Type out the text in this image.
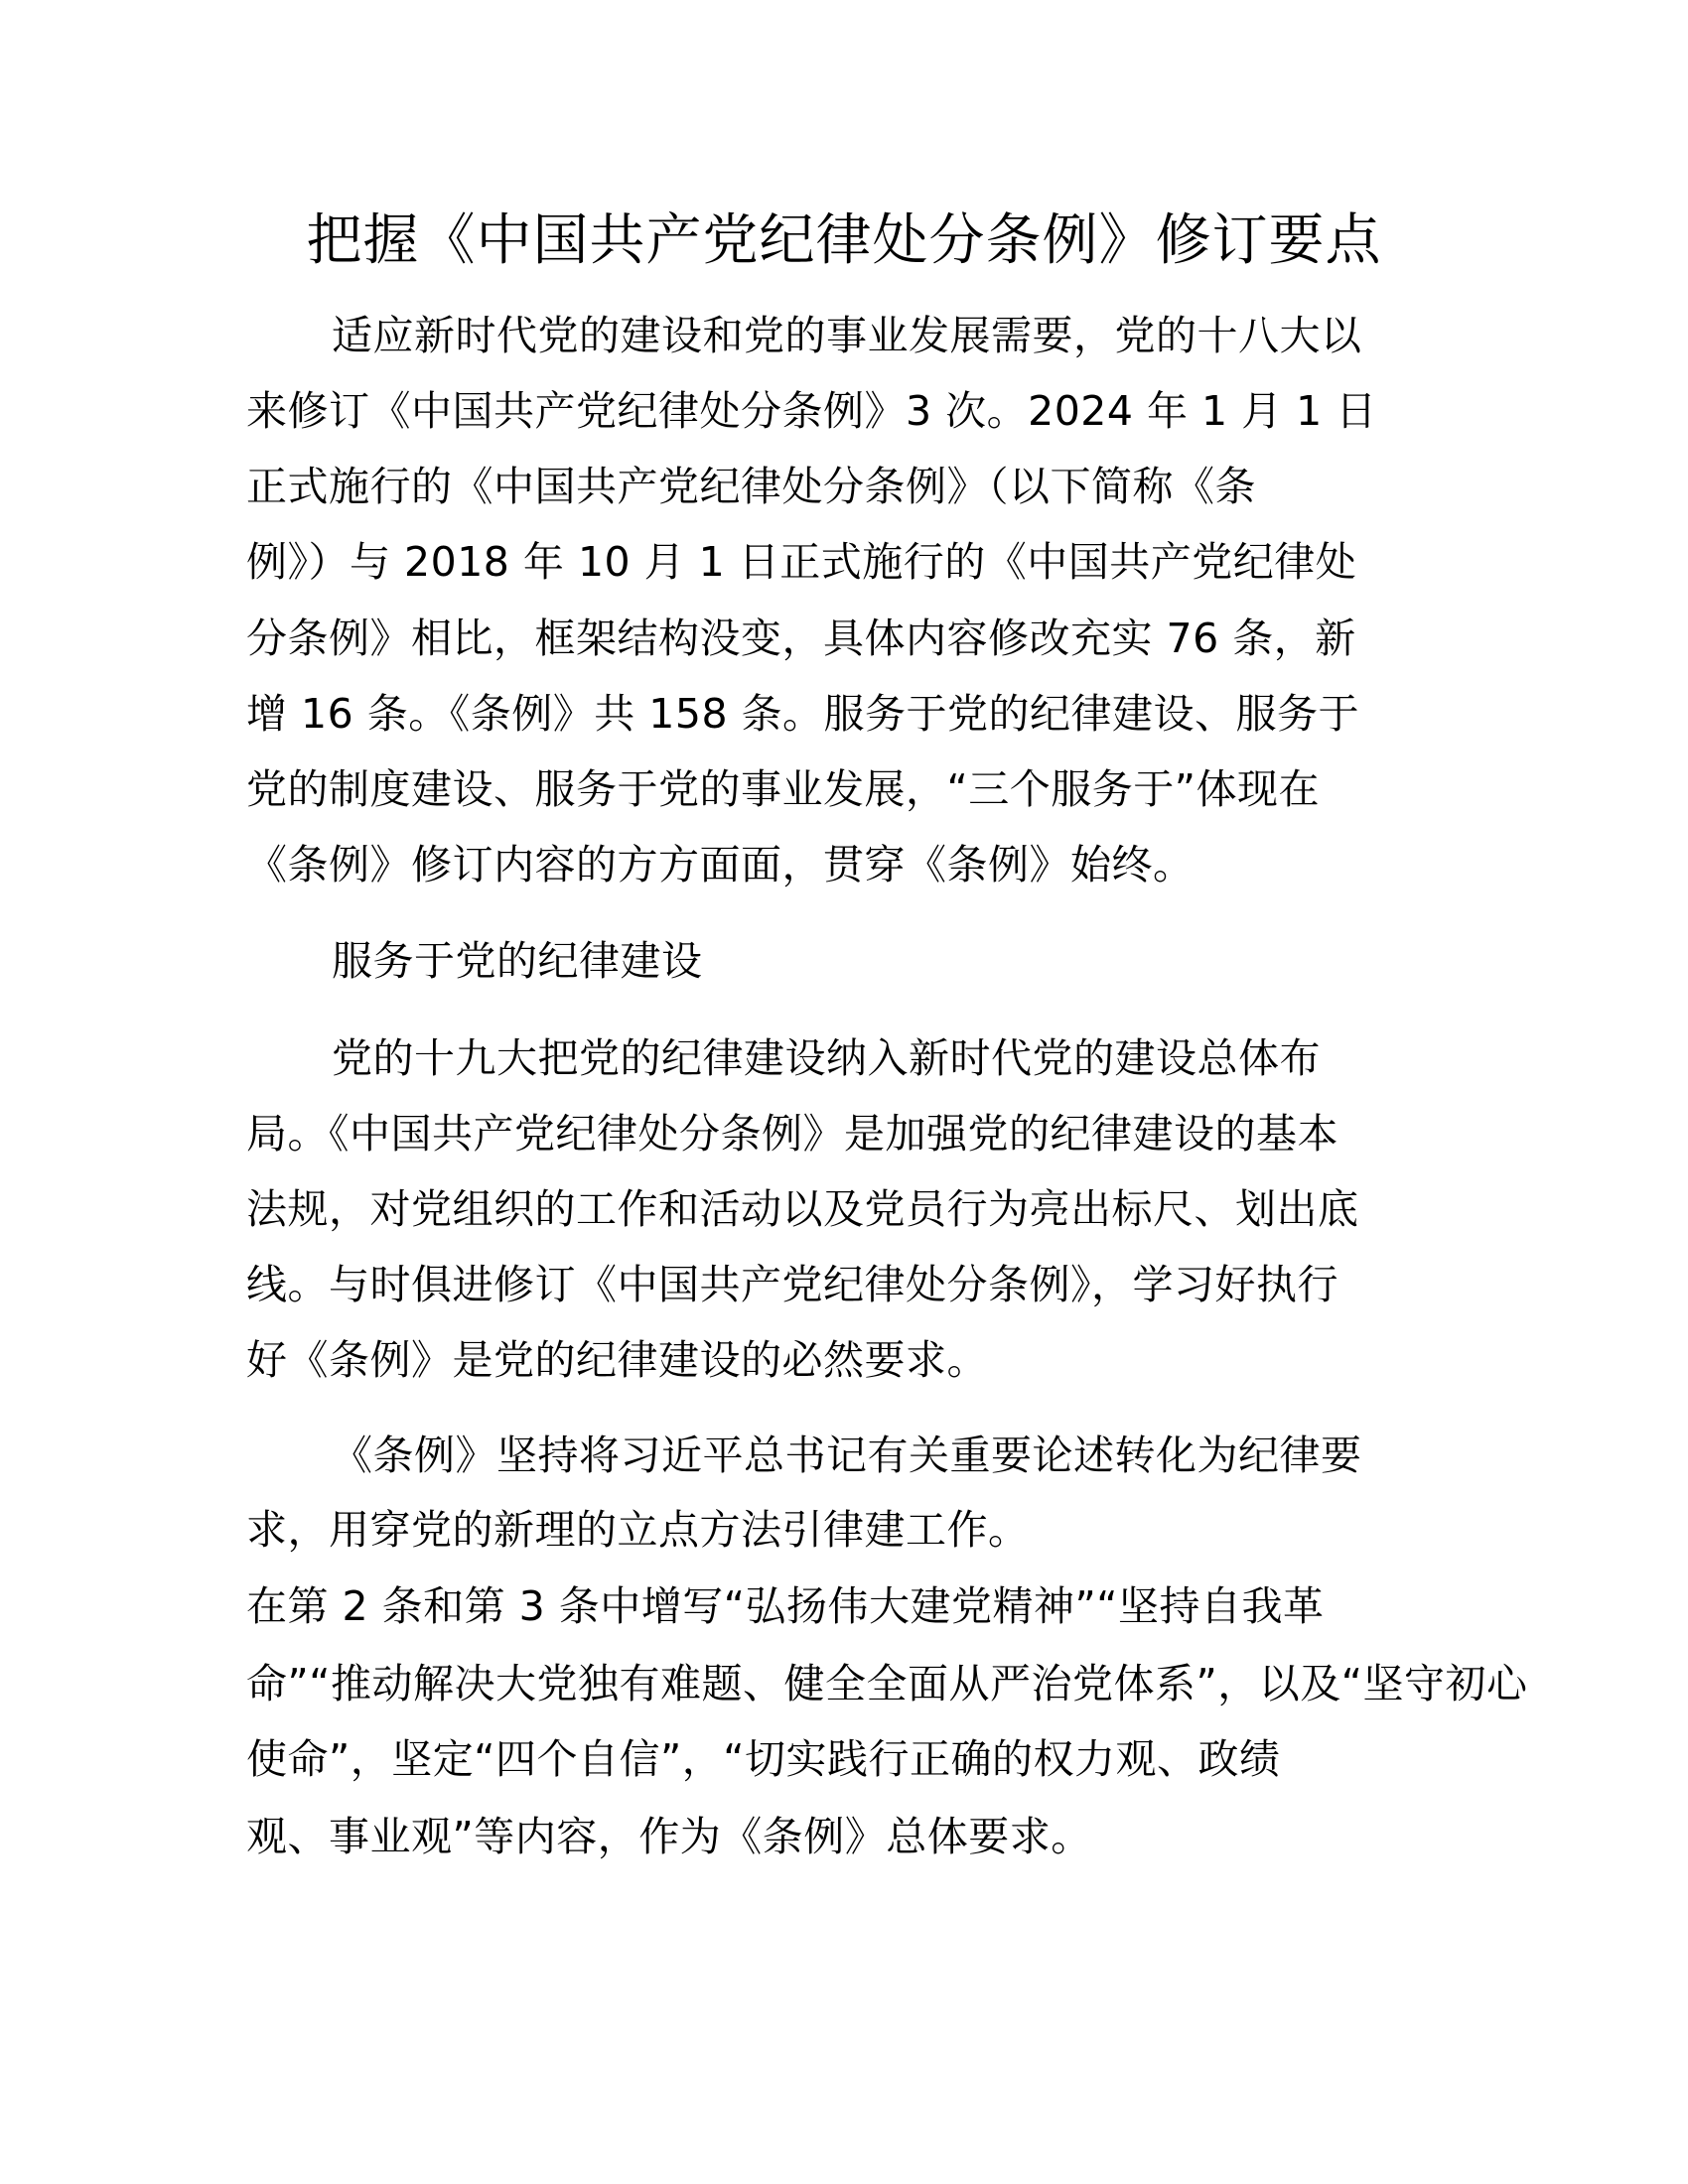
把握《中国共产党纪律处分条例》修订要点
适应新时代党的建设和党的事业发展需要，党的十八大以
来修订《中国共产党纪律处分条例》3 次。2024 年 1 月 1 日
正式施行的《中国共产党纪律处分条例》（以下简称《条
例》）与 2018 年 10 月 1 日正式施行的《中国共产党纪律处
分条例》相比，框架结构没变，具体内容修改充实 76 条，新
增 16 条。《条例》共 158 条。服务于党的纪律建设、服务于
党的制度建设、服务于党的事业发展，“三个服务于”体现在
《条例》修订内容的方方面面，贯穿《条例》始终。
服务于党的纪律建设
党的十九大把党的纪律建设纳入新时代党的建设总体布
局。《中国共产党纪律处分条例》是加强党的纪律建设的基本
法规，对党组织的工作和活动以及党员行为亮出标尺、划出底
线。与时俱进修订《中国共产党纪律处分条例》，学习好执行
好《条例》是党的纪律建设的必然要求。
《条例》坚持将习近平总书记有关重要论述转化为纪律要
求，用穿党的新理的立点方法引律建工作。
在第 2 条和第 3 条中增写“弘扬伟大建党精神”“坚持自我革
命”“推动解决大党独有难题、健全全面从严治党体系”，以及“坚守初心
使命”，坚定“四个自信”，“切实践行正确的权力观、政绩
观、事业观”等内容，作为《条例》总体要求。
